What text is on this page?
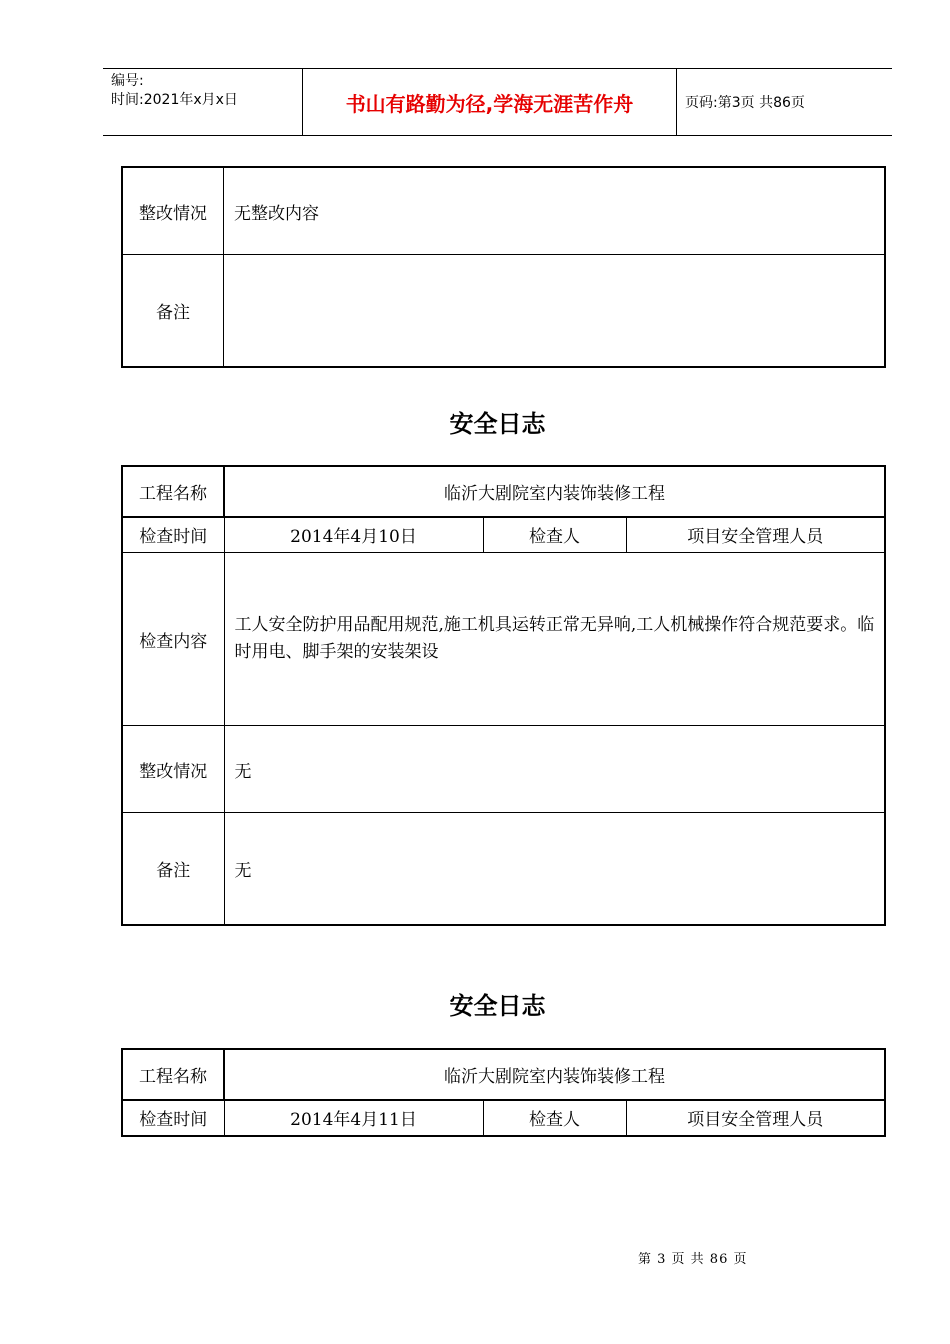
编号:
时间:2021年x月x日	书山有路勤为径,学海无涯苦作舟	页码:第3页 共86页
整改情况	无整改内容
备注	
安全日志
工程名称	临沂大剧院室内装饰装修工程		
检查时间	2014年4月10日	检查人	项目安全管理人员
检查内容	工人安全防护用品配用规范,施工机具运转正常无异响,工人机械操作符合规范要求。临时用电、脚手架的安装架设		
整改情况	无		
备注	无		
安全日志
工程名称	临沂大剧院室内装饰装修工程		
检查时间	2014年4月11日	检查人	项目安全管理人员
第 3 页 共 86 页
